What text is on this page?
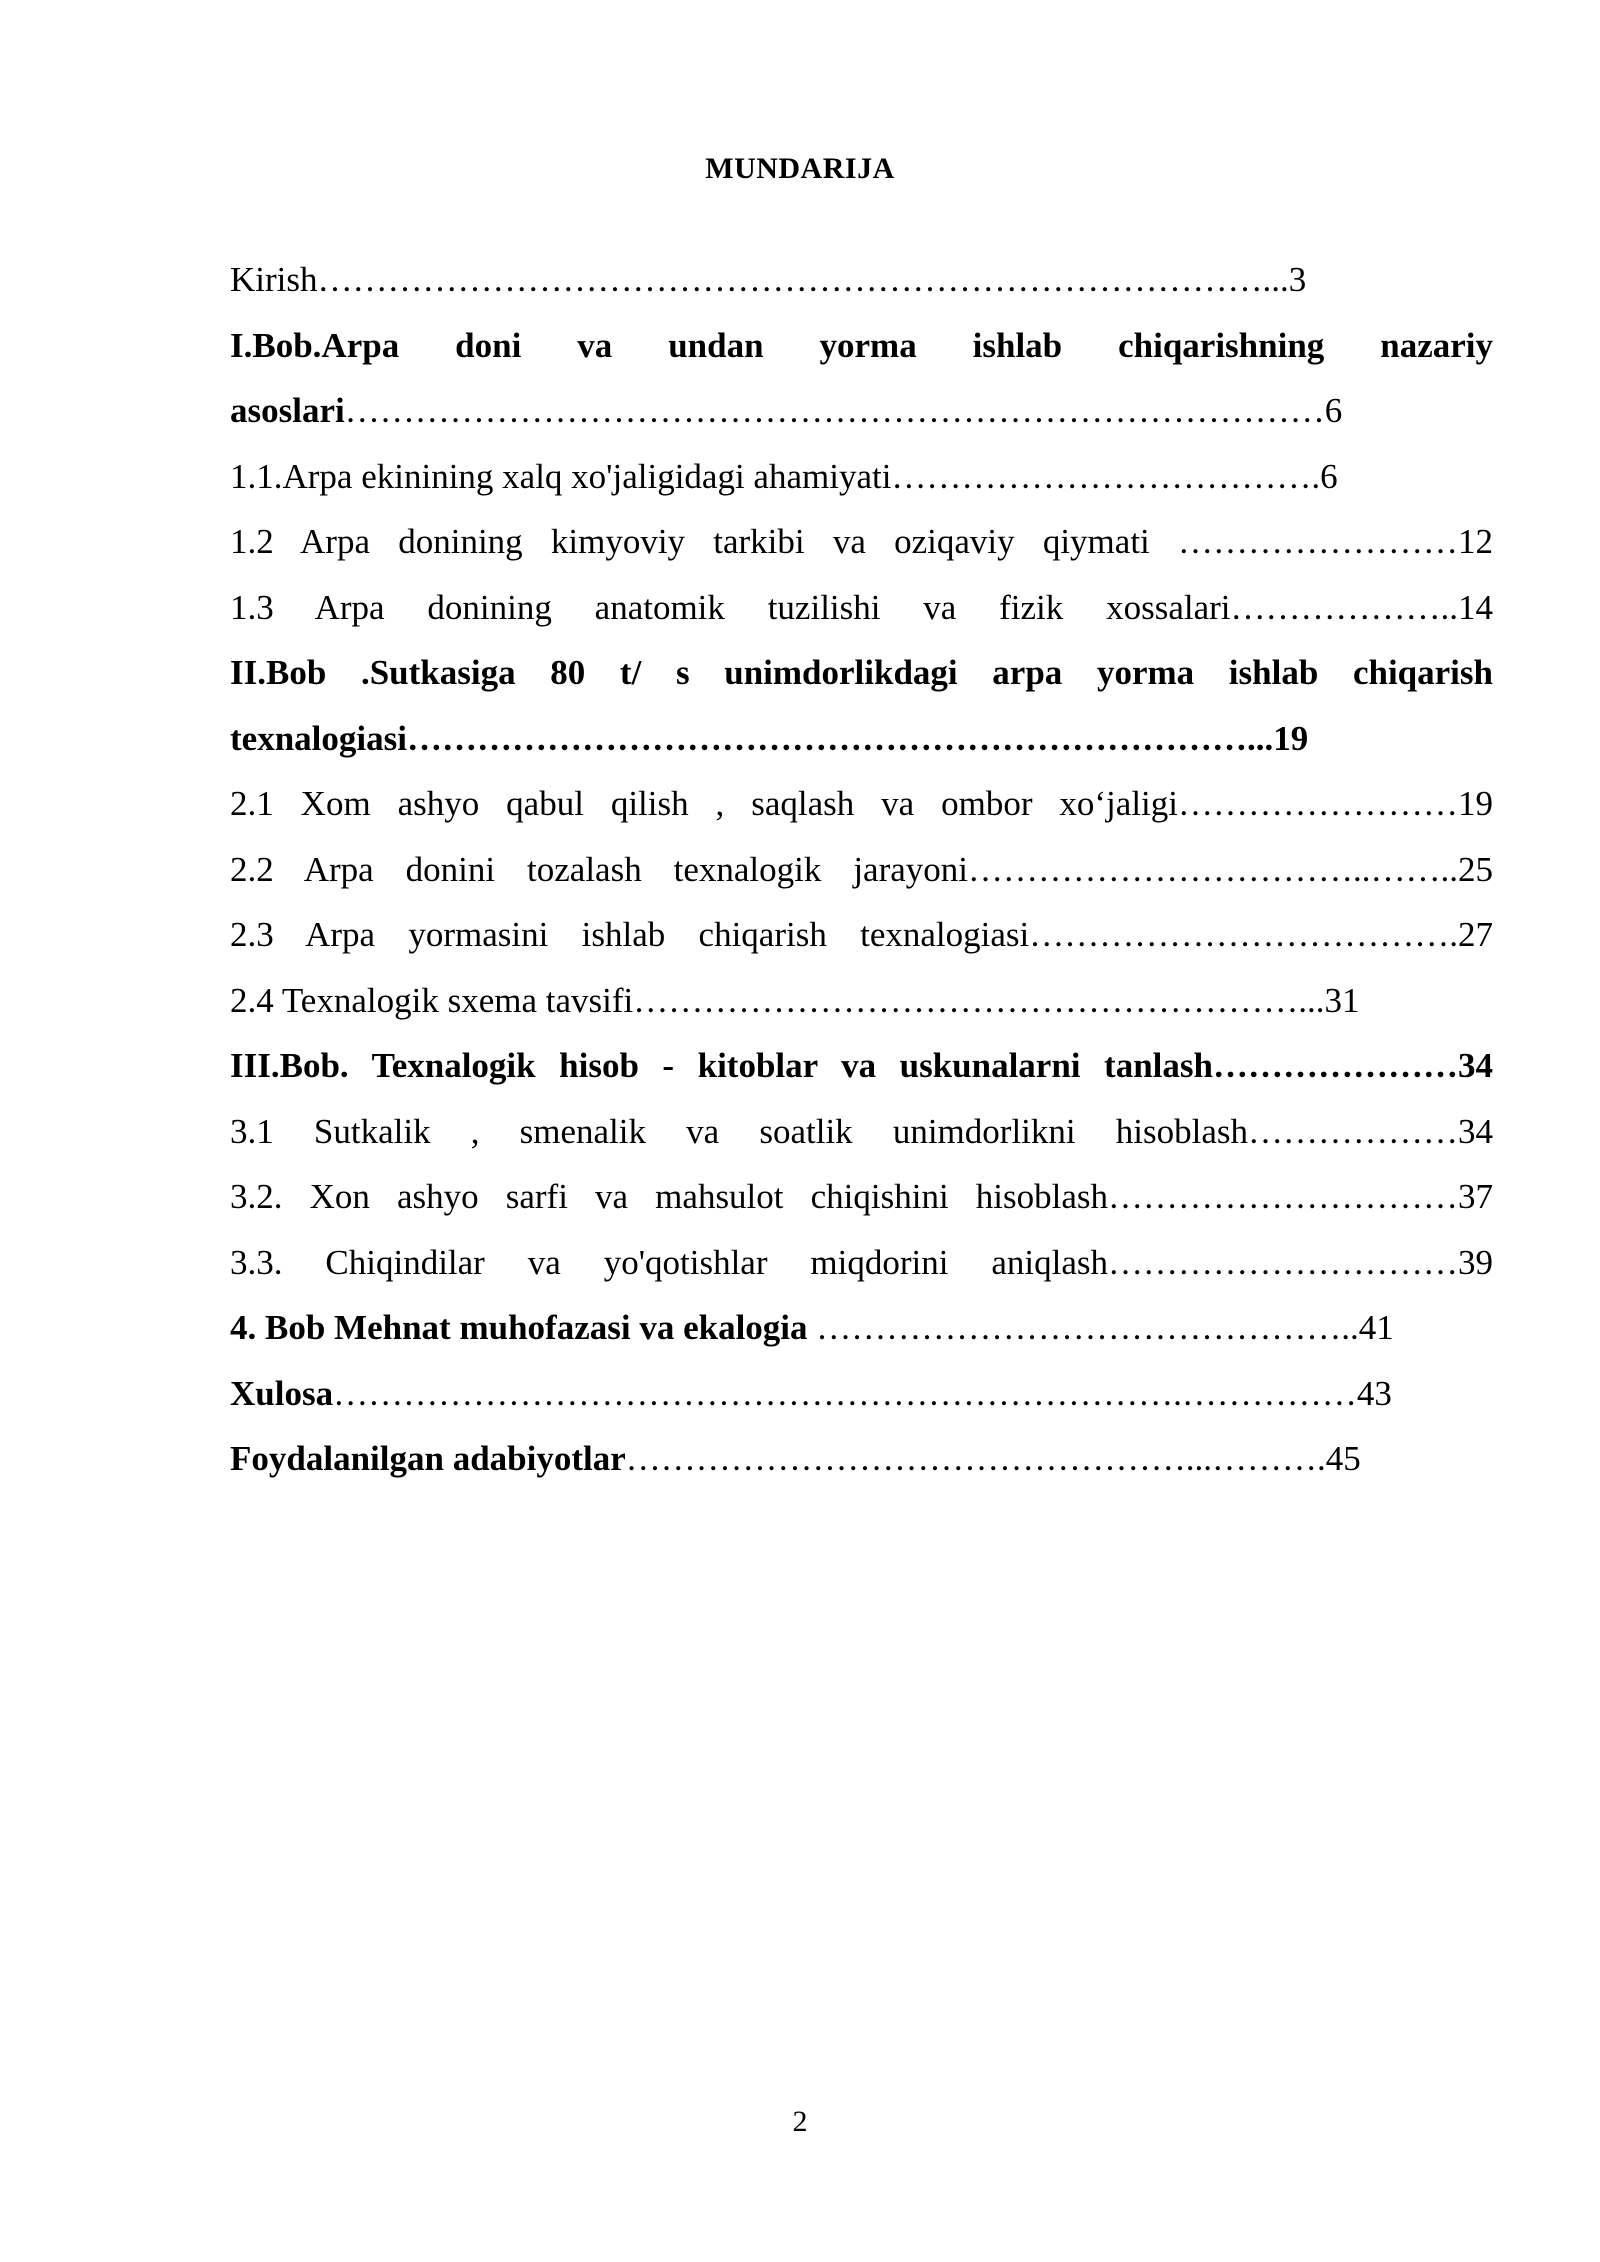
MUNDARIJA
Kirish………………………………………………………………………...3
I.Bob.Arpa doni va undan yorma ishlab chiqarishning nazariy
asoslari…………………………………………………………………………6
1.1.Arpa ekinining xalq xo'jaligidagi ahamiyati……………………………….6
1.2 Arpa donining kimyoviy tarkibi va oziqaviy qiymati ……………………12
1.3 Arpa donining anatomik tuzilishi va fizik xossalari………………..14
II.Bob .Sutkasiga 80 t/ s unimdorlikdagi arpa yorma ishlab chiqarish
texnalogiasi………………………………………………………………...19
2.1 Xom ashyo qabul qilish , saqlash va ombor xo‘jaligi……………………19
2.2 Arpa donini tozalash texnalogik jarayoni……………………………..……..25
2.3 Arpa yormasini ishlab chiqarish texnalogiasi……………………………….27
2.4 Texnalogik sxema tavsifi…………………………………………………...31
III.Bob. Texnalogik hisob - kitoblar va uskunalarni tanlash…………………34
3.1 Sutkalik , smenalik va soatlik unimdorlikni hisoblash………………34
3.2. Xon ashyo sarfi va mahsulot chiqishini hisoblash…………………………37
3.3. Chiqindilar va yo'qotishlar miqdorini aniqlash…………………………39
4. Bob Mehnat muhofazasi va ekalogia ………………………………………..41
Xulosa……………………………………………………………….……………43
Foydalanilgan adabiyotlar…………………………………………...……….45
2
